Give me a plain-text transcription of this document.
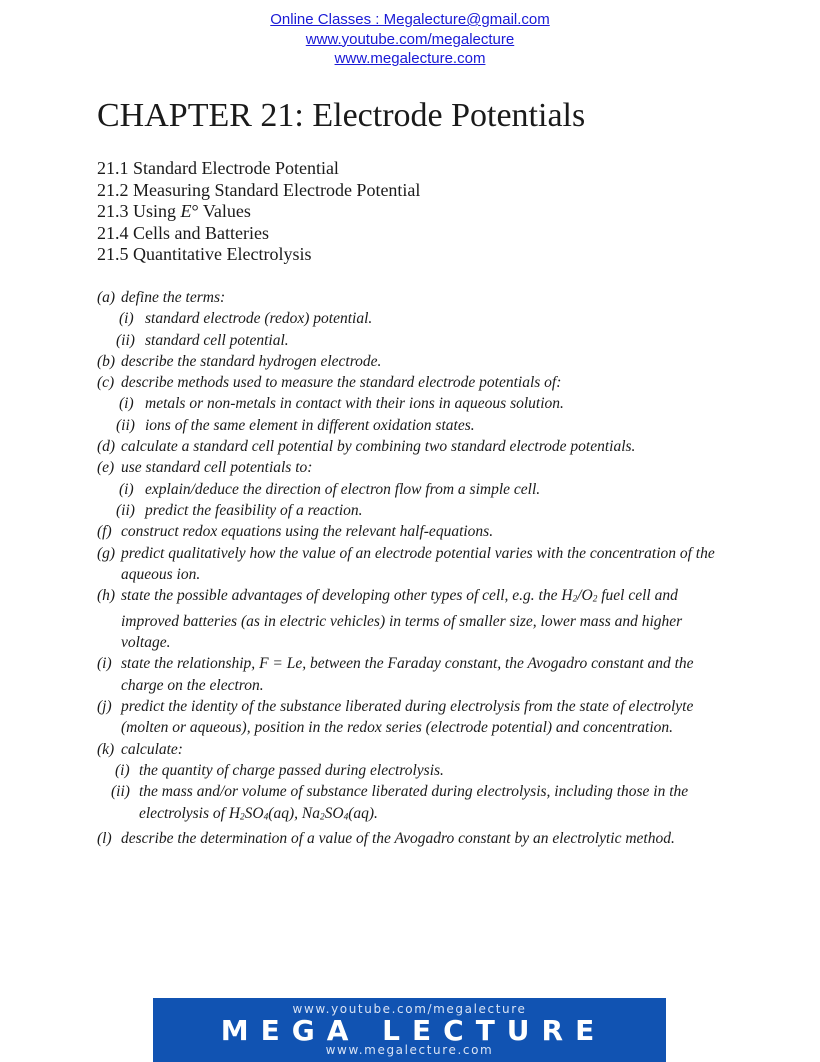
Online Classes : Megalecture@gmail.com
www.youtube.com/megalecture
www.megalecture.com
CHAPTER 21: Electrode Potentials
21.1 Standard Electrode Potential
21.2 Measuring Standard Electrode Potential
21.3 Using E° Values
21.4 Cells and Batteries
21.5 Quantitative Electrolysis
(a) define the terms:
(i) standard electrode (redox) potential.
(ii) standard cell potential.
(b) describe the standard hydrogen electrode.
(c) describe methods used to measure the standard electrode potentials of:
(i) metals or non-metals in contact with their ions in aqueous solution.
(ii) ions of the same element in different oxidation states.
(d) calculate a standard cell potential by combining two standard electrode potentials.
(e) use standard cell potentials to:
(i) explain/deduce the direction of electron flow from a simple cell.
(ii) predict the feasibility of a reaction.
(f) construct redox equations using the relevant half-equations.
(g) predict qualitatively how the value of an electrode potential varies with the concentration of the aqueous ion.
(h) state the possible advantages of developing other types of cell, e.g. the H2/O2 fuel cell and improved batteries (as in electric vehicles) in terms of smaller size, lower mass and higher voltage.
(i) state the relationship, F = Le, between the Faraday constant, the Avogadro constant and the charge on the electron.
(j) predict the identity of the substance liberated during electrolysis from the state of electrolyte (molten or aqueous), position in the redox series (electrode potential) and concentration.
(k) calculate:
(i) the quantity of charge passed during electrolysis.
(ii) the mass and/or volume of substance liberated during electrolysis, including those in the electrolysis of H2SO4(aq), Na2SO4(aq).
(l) describe the determination of a value of the Avogadro constant by an electrolytic method.
www.youtube.com/megalecture
MEGA LECTURE
www.megalecture.com
